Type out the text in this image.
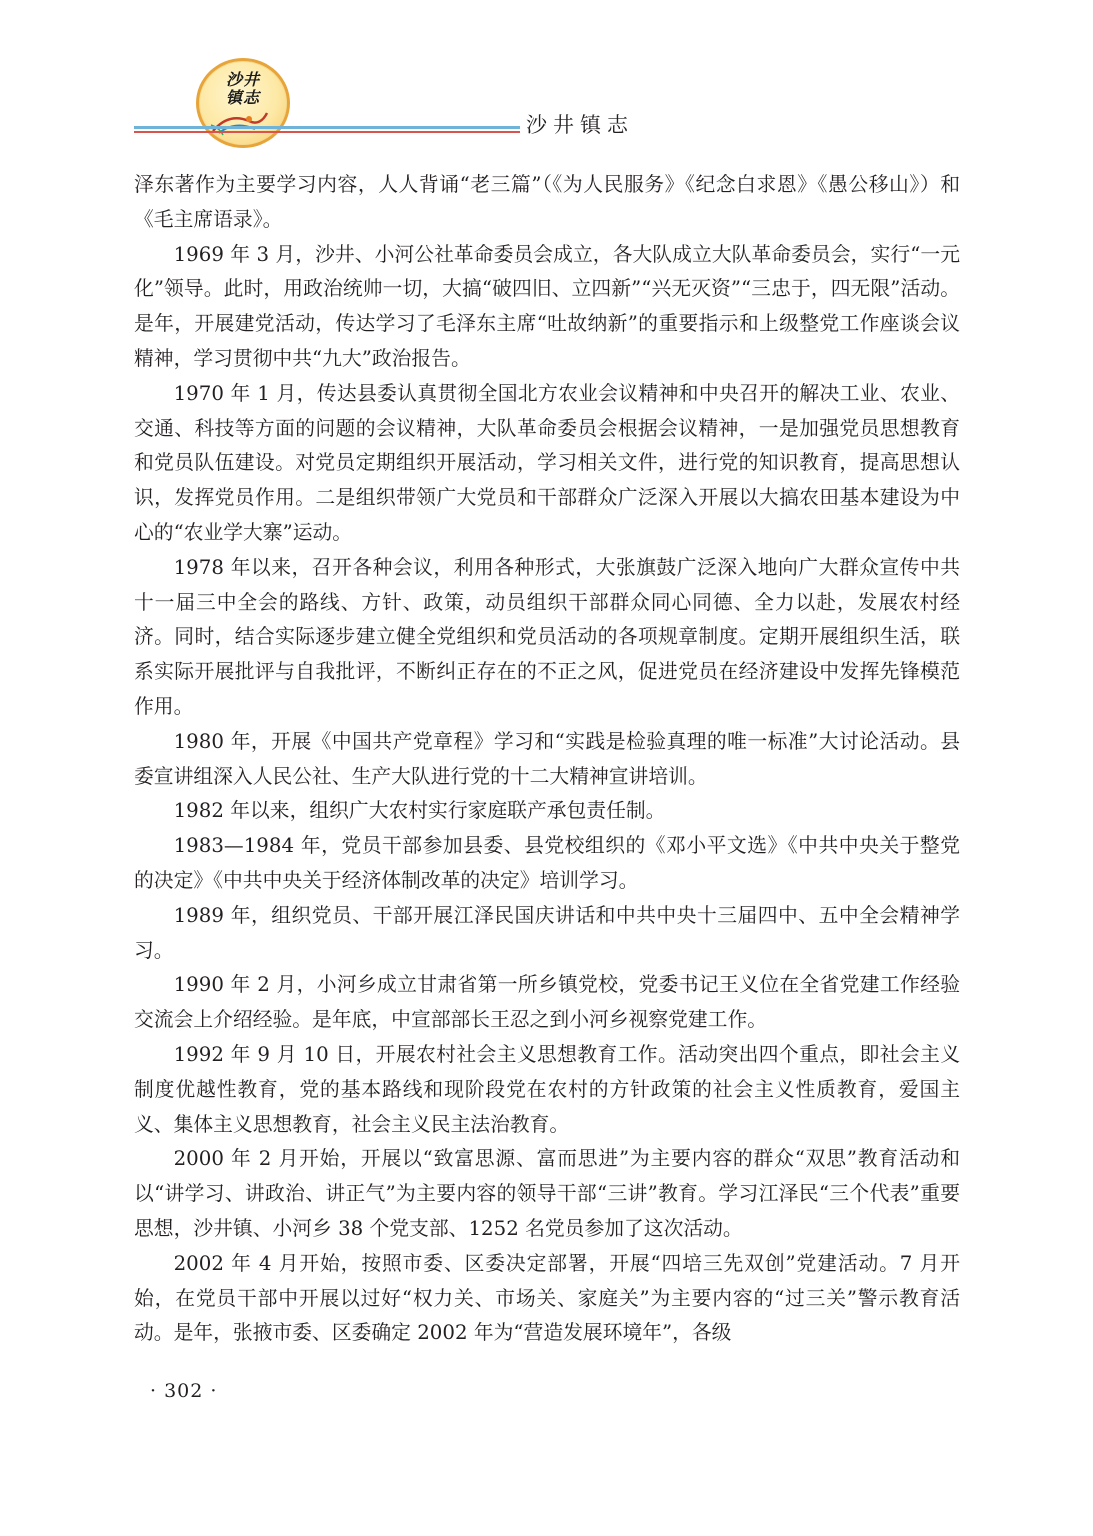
沙井
镇志
沙井镇志

泽东著作为主要学习内容，人人背诵“老三篇”（《为人民服务》《纪念白求恩》《愚公移山》）和《毛主席语录》。

1969 年 3 月，沙井、小河公社革命委员会成立，各大队成立大队革命委员会，实行“一元化”领导。此时，用政治统帅一切，大搞“破四旧、立四新”“兴无灭资”“三忠于，四无限”活动。是年，开展建党活动，传达学习了毛泽东主席“吐故纳新”的重要指示和上级整党工作座谈会议精神，学习贯彻中共“九大”政治报告。

1970 年 1 月，传达县委认真贯彻全国北方农业会议精神和中央召开的解决工业、农业、交通、科技等方面的问题的会议精神，大队革命委员会根据会议精神，一是加强党员思想教育和党员队伍建设。对党员定期组织开展活动，学习相关文件，进行党的知识教育，提高思想认识，发挥党员作用。二是组织带领广大党员和干部群众广泛深入开展以大搞农田基本建设为中心的“农业学大寨”运动。

1978 年以来，召开各种会议，利用各种形式，大张旗鼓广泛深入地向广大群众宣传中共十一届三中全会的路线、方针、政策，动员组织干部群众同心同德、全力以赴，发展农村经济。同时，结合实际逐步建立健全党组织和党员活动的各项规章制度。定期开展组织生活，联系实际开展批评与自我批评，不断纠正存在的不正之风，促进党员在经济建设中发挥先锋模范作用。

1980 年，开展《中国共产党章程》学习和“实践是检验真理的唯一标准”大讨论活动。县委宣讲组深入人民公社、生产大队进行党的十二大精神宣讲培训。

1982 年以来，组织广大农村实行家庭联产承包责任制。

1983—1984 年，党员干部参加县委、县党校组织的《邓小平文选》《中共中央关于整党的决定》《中共中央关于经济体制改革的决定》培训学习。

1989 年，组织党员、干部开展江泽民国庆讲话和中共中央十三届四中、五中全会精神学习。

1990 年 2 月，小河乡成立甘肃省第一所乡镇党校，党委书记王义位在全省党建工作经验交流会上介绍经验。是年底，中宣部部长王忍之到小河乡视察党建工作。

1992 年 9 月 10 日，开展农村社会主义思想教育工作。活动突出四个重点，即社会主义制度优越性教育，党的基本路线和现阶段党在农村的方针政策的社会主义性质教育，爱国主义、集体主义思想教育，社会主义民主法治教育。

2000 年 2 月开始，开展以“致富思源、富而思进”为主要内容的群众“双思”教育活动和以“讲学习、讲政治、讲正气”为主要内容的领导干部“三讲”教育。学习江泽民“三个代表”重要思想，沙井镇、小河乡 38 个党支部、1252 名党员参加了这次活动。

2002 年 4 月开始，按照市委、区委决定部署，开展“四培三先双创”党建活动。7 月开始，在党员干部中开展以过好“权力关、市场关、家庭关”为主要内容的“过三关”警示教育活动。是年，张掖市委、区委确定 2002 年为“营造发展环境年”，各级

· 302 ·
